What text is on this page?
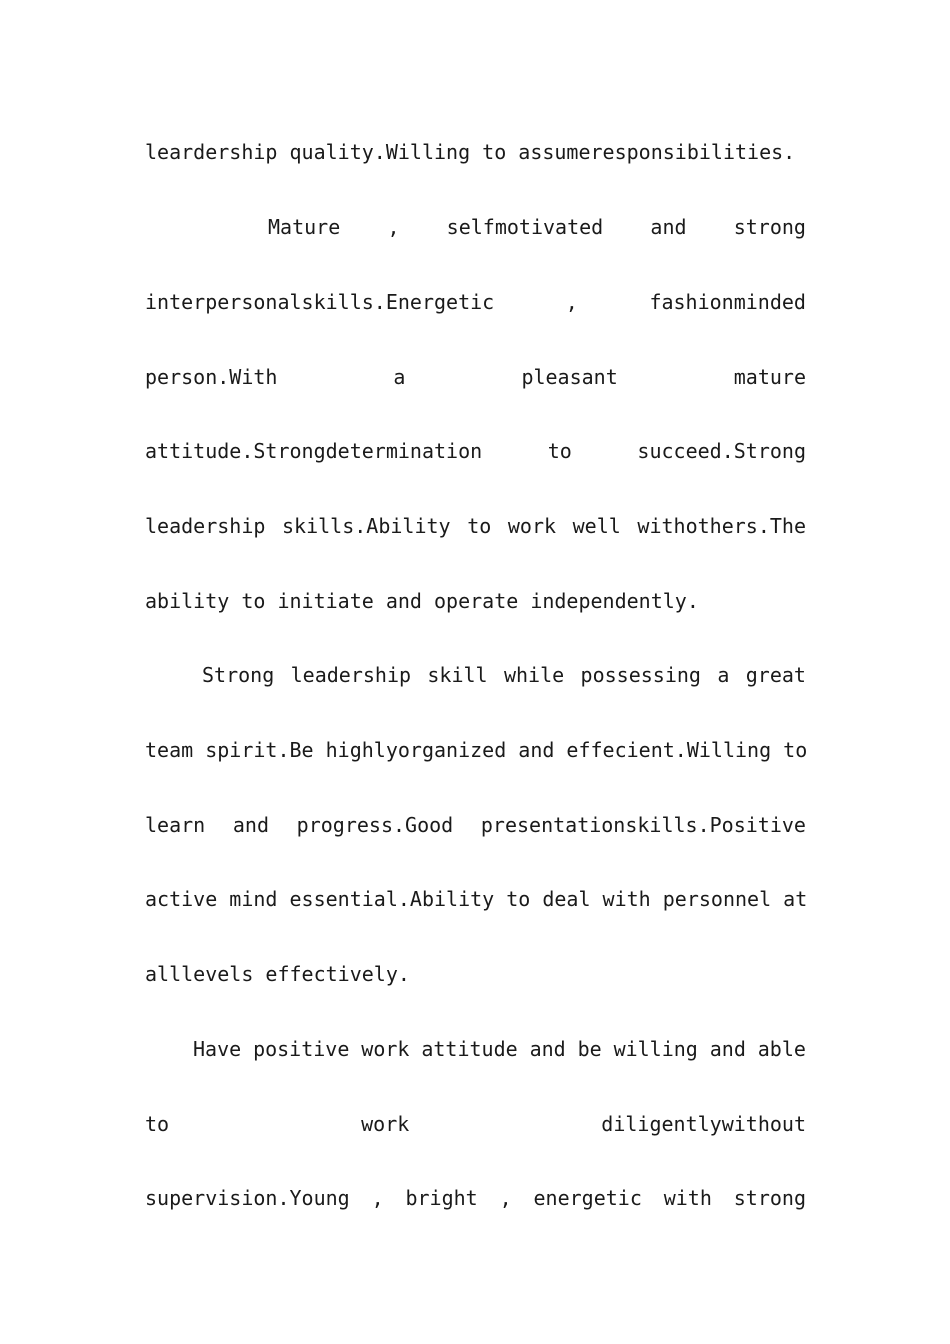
leardership quality.Willing to assumeresponsibilities.
Mature , selfmotivated and strong
interpersonalskills.Energetic	,	fashionminded
person.With	a	pleasant	mature
attitude.Strongdetermination	to	succeed.Strong
leadership skills.Ability to work well withothers.The
ability to initiate and operate independently.
Strong leadership skill while possessing a great
team spirit.Be highlyorganized and effecient.Willing to
learn and progress.Good presentationskills.Positive
active mind essential.Ability to deal with personnel at
alllevels effectively.
Have positive work attitude and be willing and able
to	work	diligentlywithout
supervision.Young , bright , energetic with strong
